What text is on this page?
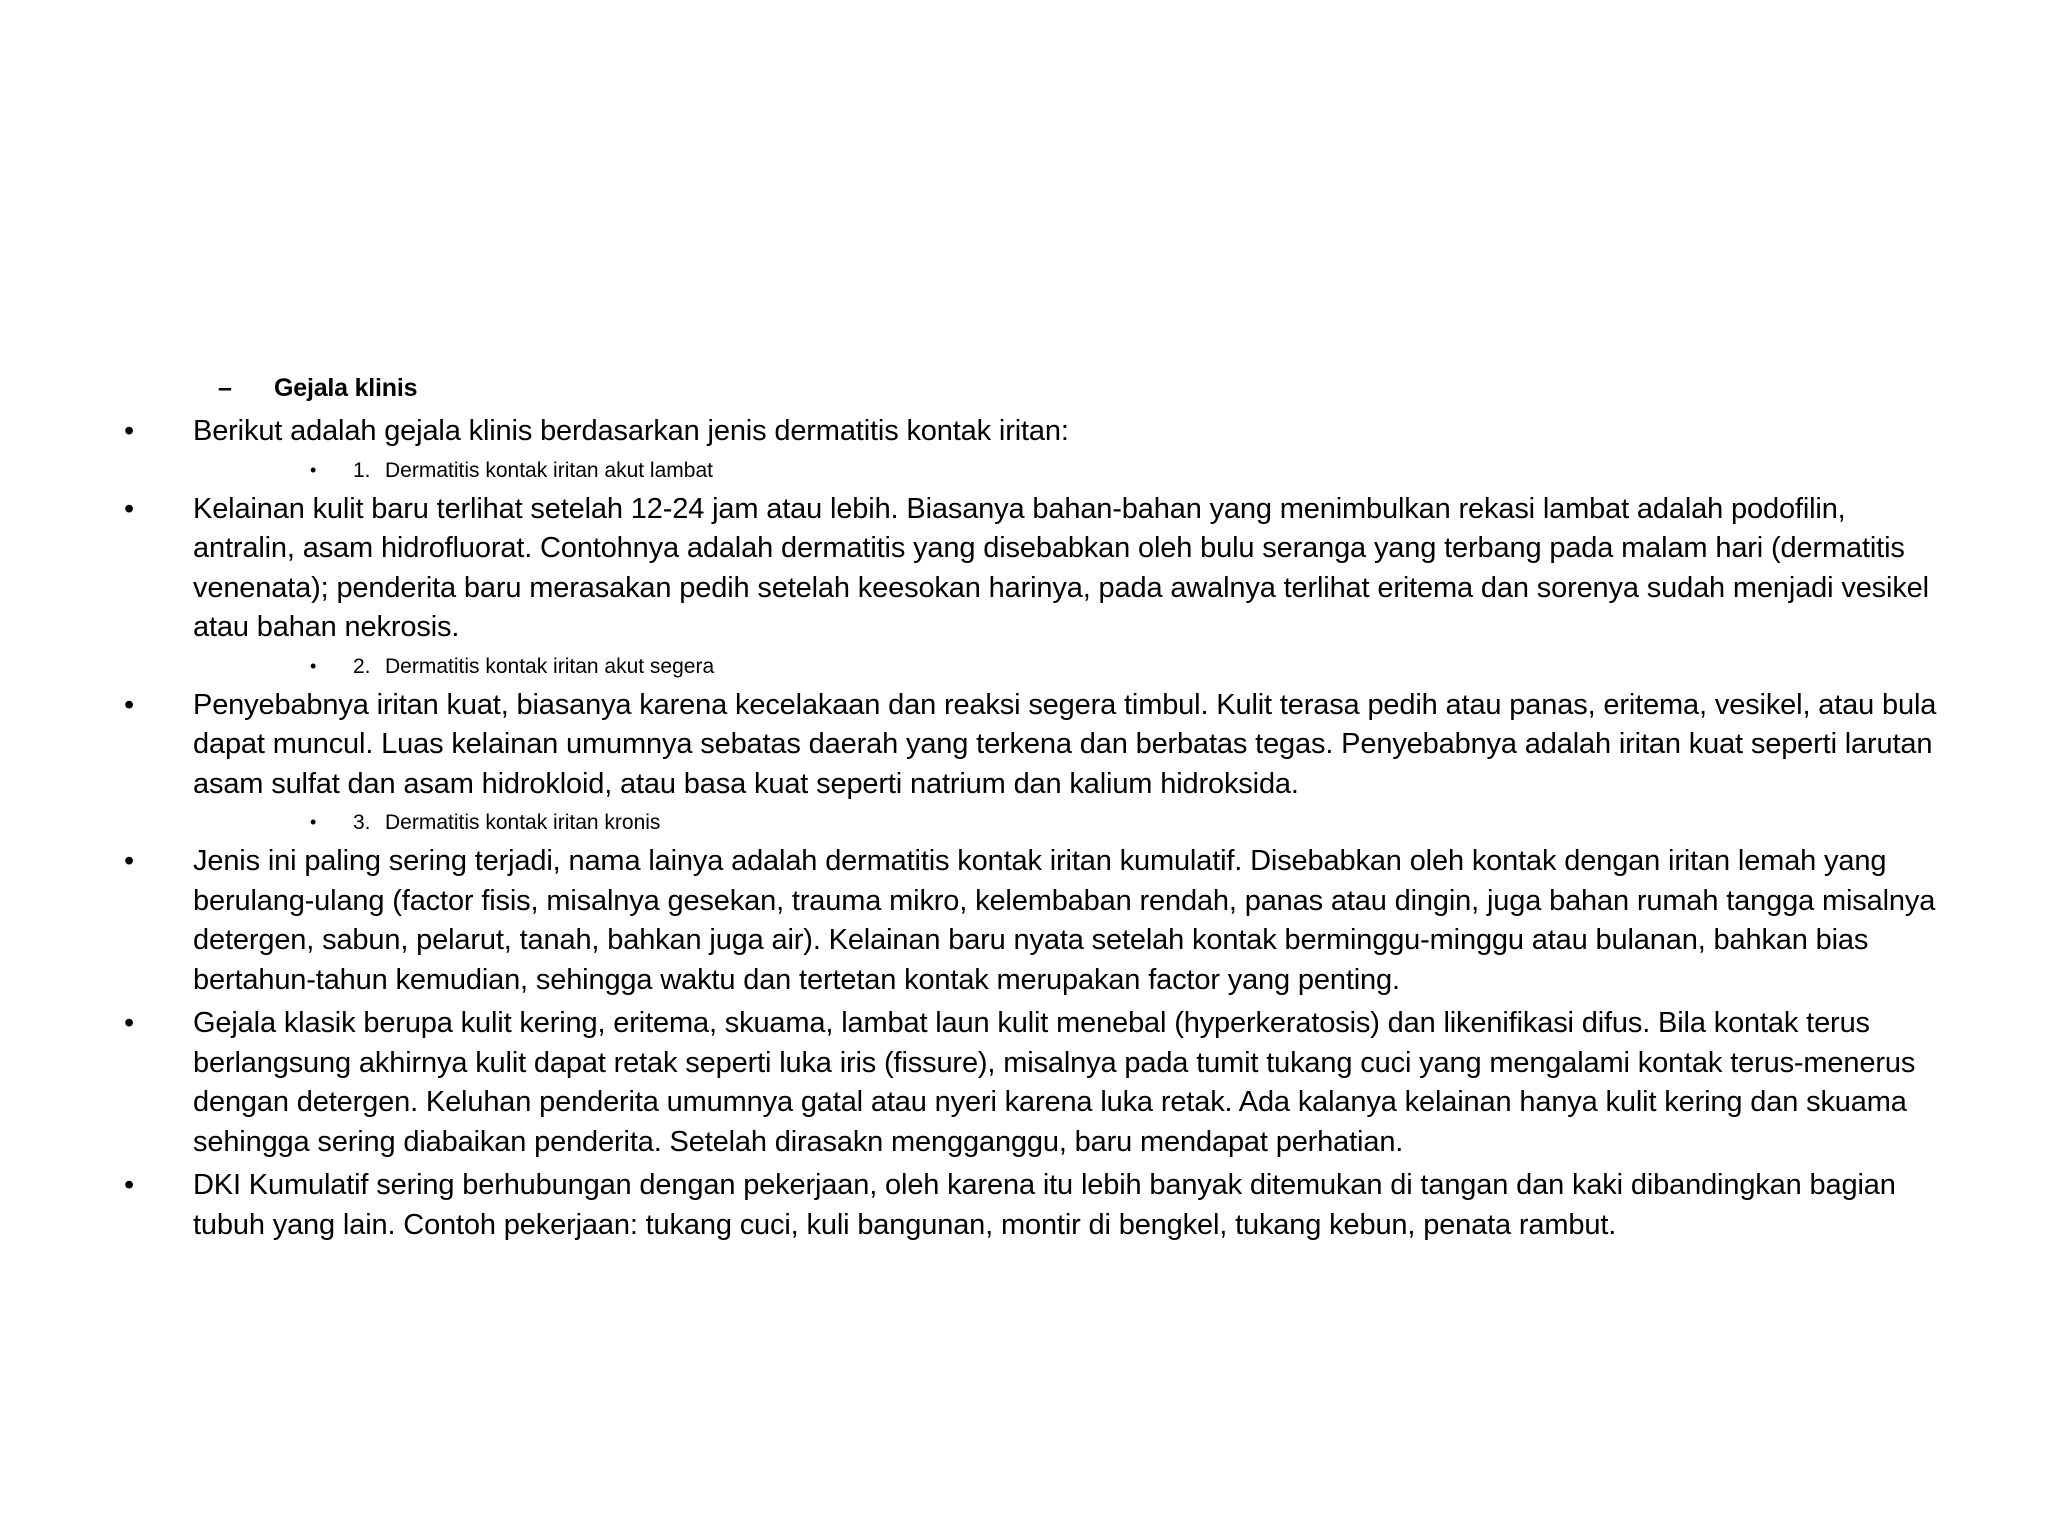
–	Gejala klinis
• Berikut adalah gejala klinis berdasarkan jenis dermatitis kontak iritan:
• 1. Dermatitis kontak iritan akut lambat
• Kelainan kulit baru terlihat setelah 12-24 jam atau lebih. Biasanya bahan-bahan yang menimbulkan rekasi lambat adalah podofilin, antralin, asam hidrofluorat. Contohnya adalah dermatitis yang disebabkan oleh bulu seranga yang terbang pada malam hari (dermatitis venenata); penderita baru merasakan pedih setelah keesokan harinya, pada awalnya terlihat eritema dan sorenya sudah menjadi vesikel atau bahan nekrosis.
• 2. Dermatitis kontak iritan akut segera
• Penyebabnya iritan kuat, biasanya karena kecelakaan dan reaksi segera timbul. Kulit terasa pedih atau panas, eritema, vesikel, atau bula dapat muncul. Luas kelainan umumnya sebatas daerah yang terkena dan berbatas tegas. Penyebabnya adalah iritan kuat seperti larutan asam sulfat dan asam hidrokloid, atau basa kuat seperti natrium dan kalium hidroksida.
• 3. Dermatitis kontak iritan kronis
• Jenis ini paling sering terjadi, nama lainya adalah dermatitis kontak iritan kumulatif. Disebabkan oleh kontak dengan iritan lemah yang berulang-ulang (factor fisis, misalnya gesekan, trauma mikro, kelembaban rendah, panas atau dingin, juga bahan rumah tangga misalnya detergen, sabun, pelarut, tanah, bahkan juga air). Kelainan baru nyata setelah kontak berminggu-minggu atau bulanan, bahkan bias bertahun-tahun kemudian, sehingga waktu dan tertetan kontak merupakan factor yang penting.
• Gejala klasik berupa kulit kering, eritema, skuama, lambat laun kulit menebal (hyperkeratosis) dan likenifikasi difus. Bila kontak terus berlangsung akhirnya kulit dapat retak seperti luka iris (fissure), misalnya pada tumit tukang cuci yang mengalami kontak terus-menerus dengan detergen. Keluhan penderita umumnya gatal atau nyeri karena luka retak. Ada kalanya kelainan hanya kulit kering dan skuama sehingga sering diabaikan penderita. Setelah dirasakn mengganggu, baru mendapat perhatian.
• DKI Kumulatif sering berhubungan dengan pekerjaan, oleh karena itu lebih banyak ditemukan di tangan dan kaki dibandingkan bagian tubuh yang lain. Contoh pekerjaan: tukang cuci, kuli bangunan, montir di bengkel, tukang kebun, penata rambut.
